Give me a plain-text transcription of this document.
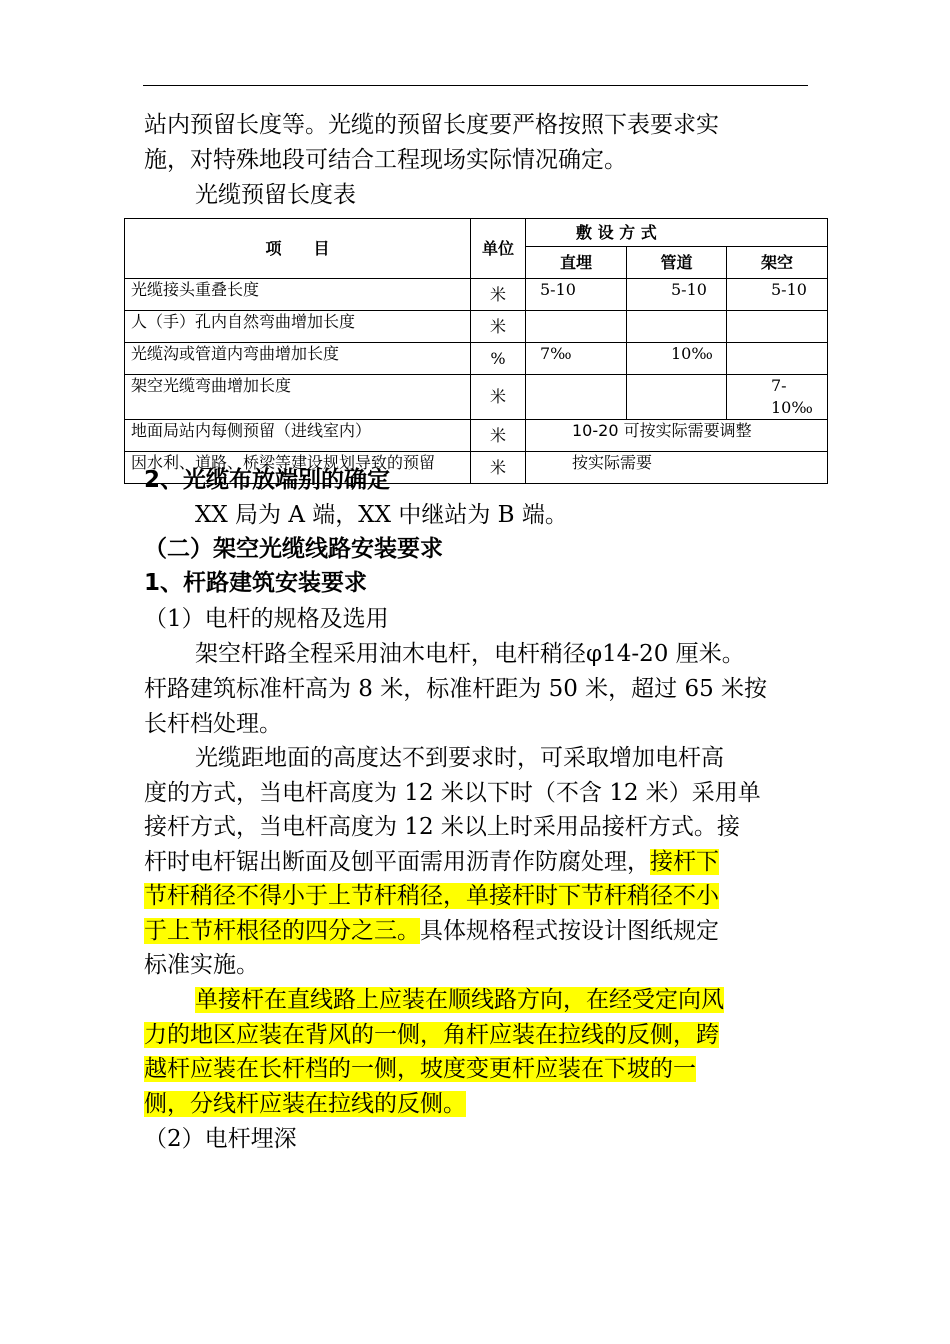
站内预留长度等。光缆的预留长度要严格按照下表要求实
施，对特殊地段可结合工程现场实际情况确定。
光缆预留长度表
项　　目	单位	敷 设 方 式		
		直埋	管道	架空
光缆接头重叠长度	米	5-10	5-10	5-10
人（手）孔内自然弯曲增加长度	米			
光缆沟或管道内弯曲增加长度	%	7‰	10‰	
架空光缆弯曲增加长度	米			7-10‰
地面局站内每侧预留（进线室内）	米	10-20 可按实际需要调整		
因水利、道路、桥梁等建设规划导致的预留	米	按实际需要		
2、光缆布放端别的确定
XX 局为 A 端，XX 中继站为 B 端。
（二）架空光缆线路安装要求
1、杆路建筑安装要求
（1）电杆的规格及选用
架空杆路全程采用油木电杆，电杆稍径φ14-20 厘米。
杆路建筑标准杆高为 8 米，标准杆距为 50 米，超过 65 米按
长杆档处理。
光缆距地面的高度达不到要求时，可采取增加电杆高
度的方式，当电杆高度为 12 米以下时（不含 12 米）采用单
接杆方式，当电杆高度为 12 米以上时采用品接杆方式。接
杆时电杆锯出断面及刨平面需用沥青作防腐处理，接杆下
节杆稍径不得小于上节杆稍径，单接杆时下节杆稍径不小
于上节杆根径的四分之三。具体规格程式按设计图纸规定
标准实施。
单接杆在直线路上应装在顺线路方向，在经受定向风
力的地区应装在背风的一侧，角杆应装在拉线的反侧，跨
越杆应装在长杆档的一侧，坡度变更杆应装在下坡的一
侧，分线杆应装在拉线的反侧。
（2）电杆埋深
